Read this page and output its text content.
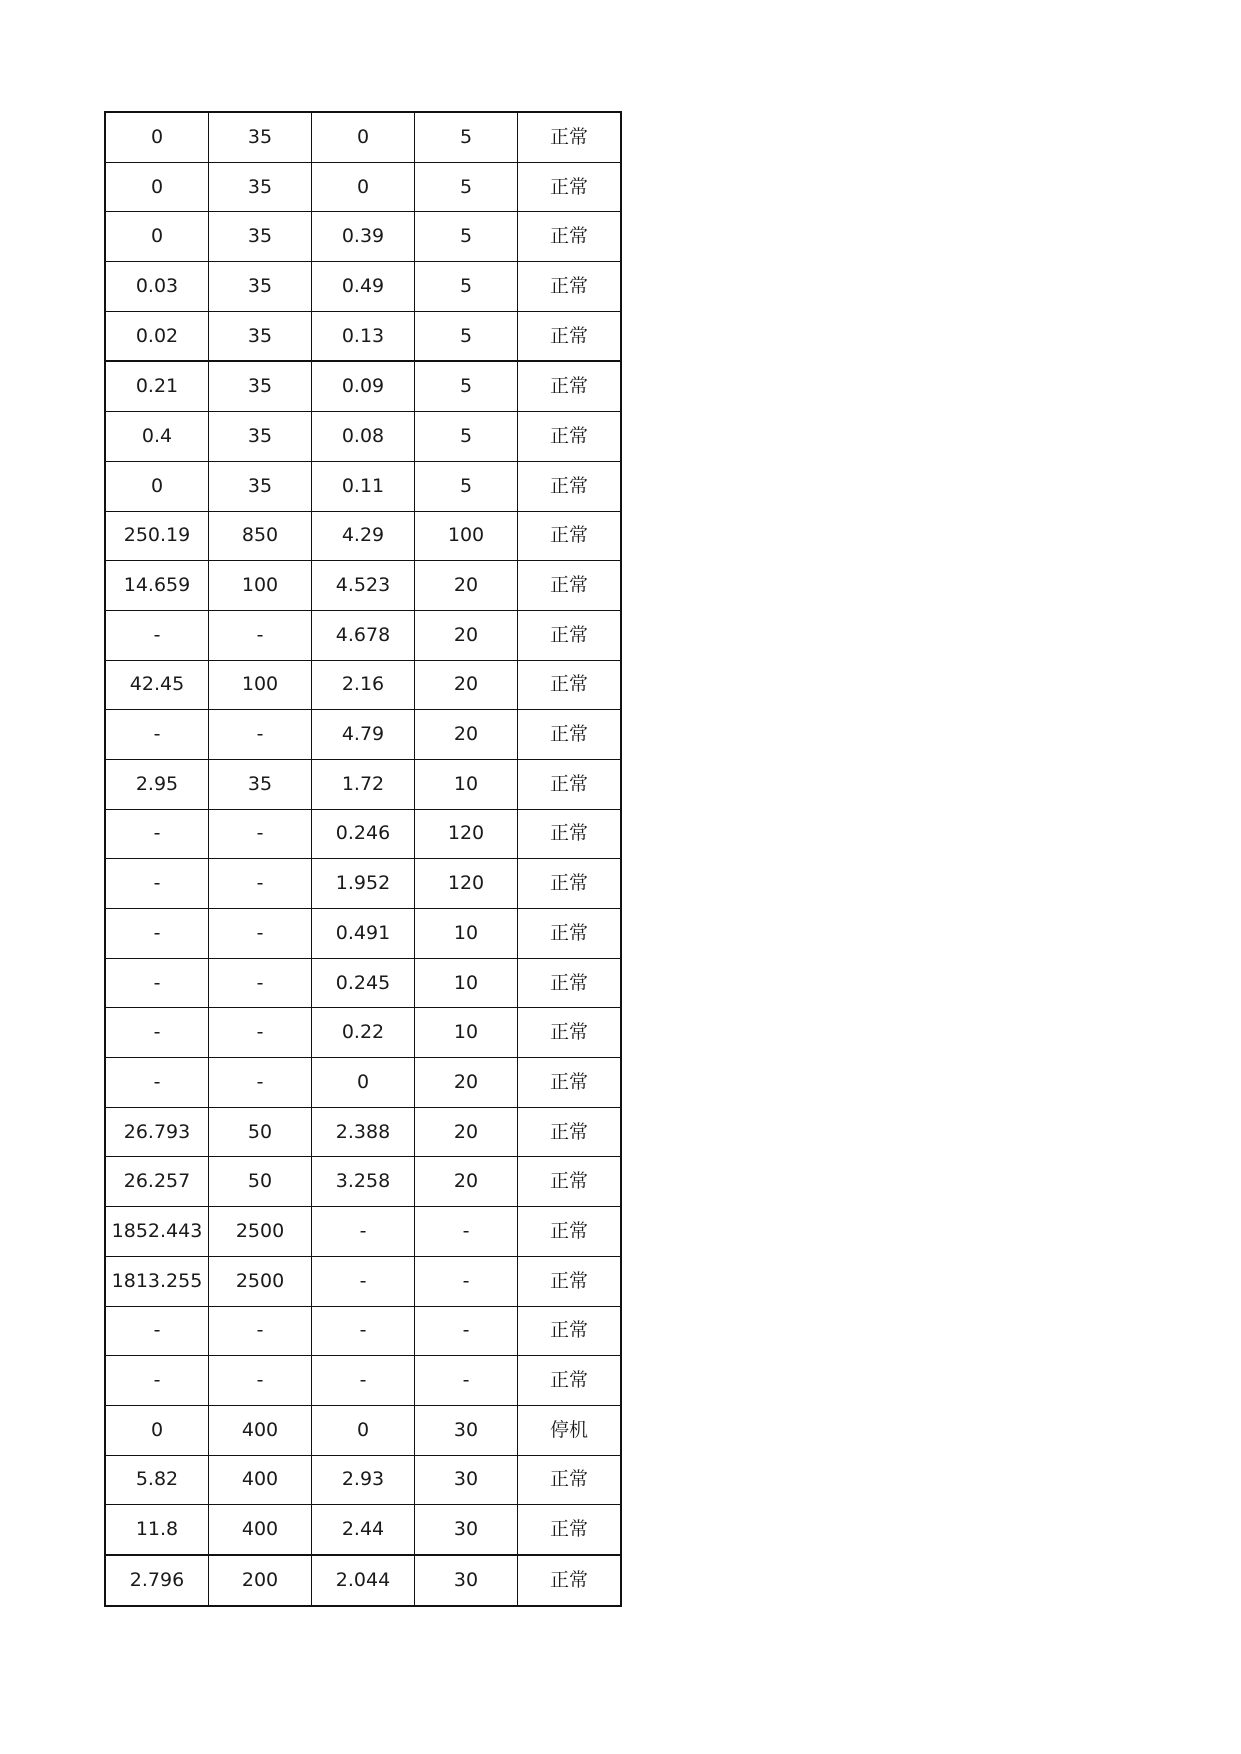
0	35	0	5	正常
0	35	0	5	正常
0	35	0.39	5	正常
0.03	35	0.49	5	正常
0.02	35	0.13	5	正常
0.21	35	0.09	5	正常
0.4	35	0.08	5	正常
0	35	0.11	5	正常
250.19	850	4.29	100	正常
14.659	100	4.523	20	正常
-	-	4.678	20	正常
42.45	100	2.16	20	正常
-	-	4.79	20	正常
2.95	35	1.72	10	正常
-	-	0.246	120	正常
-	-	1.952	120	正常
-	-	0.491	10	正常
-	-	0.245	10	正常
-	-	0.22	10	正常
-	-	0	20	正常
26.793	50	2.388	20	正常
26.257	50	3.258	20	正常
1852.443	2500	-	-	正常
1813.255	2500	-	-	正常
-	-	-	-	正常
-	-	-	-	正常
0	400	0	30	停机
5.82	400	2.93	30	正常
11.8	400	2.44	30	正常
2.796	200	2.044	30	正常
